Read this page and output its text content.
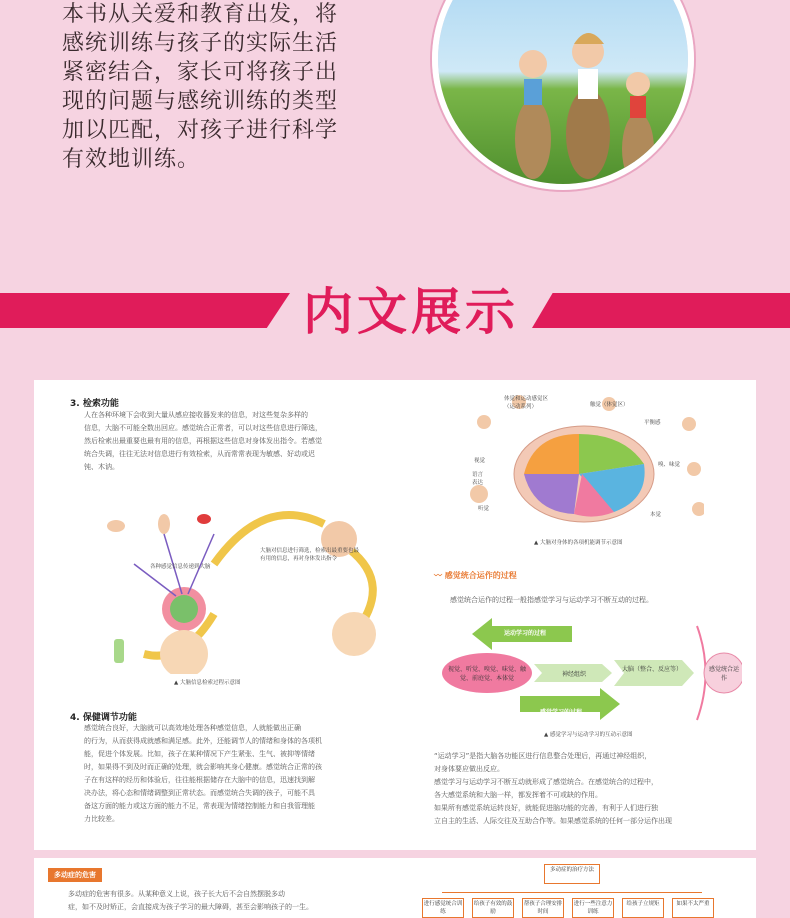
本书从关爱和教育出发，将
感统训练与孩子的实际生活
紧密结合，家长可将孩子出
现的问题与感统训练的类型
加以匹配，对孩子进行科学
有效地训练。
内文展示
3. 检索功能
人在各种环境下会收到大量从感应接收器发来的信息，对这些复杂多样的
信息，大脑不可能全数出回应。感觉统合正常者，可以对这些信息进行筛选，
然后检索出最重要也最有用的信息，再根据这些信息对身体发出指令。若感觉
统合失调，往往无法对信息进行有效检索，从而常常表现为敏感、好动或迟
钝、木讷。
各种感觉信息传递到大脑
大脑对信息进行筛选，检索出最重要也最有用的信息，再对身体发出指令
▲ 大脑信息检索过程示意图
4. 保健调节功能
感觉统合良好，大脑就可以高效地处理各种感觉信息，人就能做出正确
的行为，从而获得成就感和满足感。此外，还能调节人的情绪和身体的各项机
能，促进个体发展。比如，孩子在某种情况下产生紧张、生气、被抑等情绪
时，如果得不到及时而正确的处理，就会影响其身心健康。感觉统合正常的孩
子在有这样的经历和体验后，往往能根据储存在大脑中的信息，迅速找到解
决办法，将心态和情绪调整到正常状态。而感觉统合失调的孩子，可能不具
备这方面的能力或这方面的能力不足，常表现为情绪控制能力和自我管理能
力比较差。
体觉和运动感觉区（运动系列）	触觉（体觉区）
平衡感
视觉
嗅、味觉
语言表达
听觉
本觉
▲ 大脑对身体的各项机能调节示意图
〰 感觉统合运作的过程
感觉统合运作的过程一般指感觉学习与运动学习不断互动的过程。
运动学习的过程
视觉、听觉、嗅觉、味觉、触觉、前庭觉、本体觉
神经组织
大脑（整合、反应等）	感觉统合运作
感觉学习的过程
▲ 感觉学习与运动学习的互动示意图
“运动学习”是指大脑各功能区进行信息整合处理后，再通过神经组织，
对身体要应做出反应。
感觉学习与运动学习不断互动就形成了感觉统合。在感觉统合的过程中，
各大感觉系统和大脑一样，都发挥着不可或缺的作用。
如果所有感觉系统运转良好，就能促进脑功能的完善，有利于人们进行独
立自主的生活、人际交往及互助合作等。如果感觉系统的任何一部分运作出现
多动症的危害
多动症的危害有很多。从某种意义上说，孩子长大后不会自然摆脱多动
症，如不及时矫正，会直接成为孩子学习的最大障碍，甚至会影响孩子的一生。
多动症的治疗方法
进行感觉统合训练
给孩子有效的鼓励
帮孩子合理安排时间
进行一些注意力训练
给孩子立规矩	如果不太严重
